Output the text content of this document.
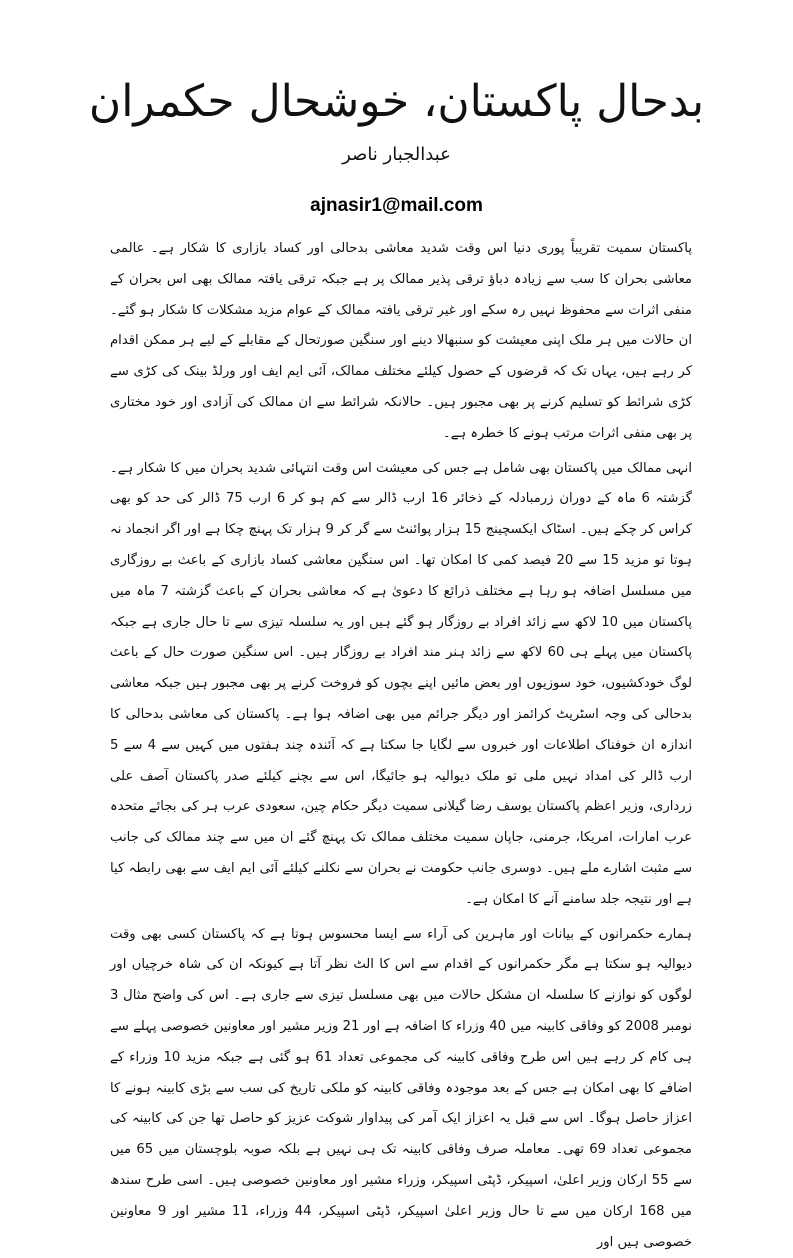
بدحال پاکستان، خوشحال حکمران
عبدالجبار ناصر
ajnasir1@mail.com

پاکستان سمیت تقریباً پوری دنیا اس وقت شدید معاشی بدحالی اور کساد بازاری کا شکار ہے۔ عالمی معاشی بحران کا سب سے زیادہ دباؤ ترقی پذیر ممالک پر ہے جبکہ ترقی یافتہ ممالک بھی اس بحران کے منفی اثرات سے محفوظ نہیں رہ سکے اور غیر ترقی یافتہ ممالک کے عوام مزید مشکلات کا شکار ہو گئے۔ ان حالات میں ہر ملک اپنی معیشت کو سنبھالا دینے اور سنگین صورتحال کے مقابلے کے لیے ہر ممکن اقدام کر رہے ہیں، یہاں تک کہ قرضوں کے حصول کیلئے مختلف ممالک، آئی ایم ایف اور ورلڈ بینک کی کڑی سے کڑی شرائط کو تسلیم کرنے پر بھی مجبور ہیں۔ حالانکہ شرائط سے ان ممالک کی آزادی اور خود مختاری پر بھی منفی اثرات مرتب ہونے کا خطرہ ہے۔

انہی ممالک میں پاکستان بھی شامل ہے جس کی معیشت اس وقت انتہائی شدید بحران میں کا شکار ہے۔ گزشتہ 6 ماہ کے دوران زرمبادلہ کے ذخائر 16 ارب ڈالر سے کم ہو کر 6 ارب 75 ڈالر کی حد کو بھی کراس کر چکے ہیں۔ اسٹاک ایکسچینج 15 ہزار پوائنٹ سے گر کر 9 ہزار تک پہنچ چکا ہے اور اگر انجماد نہ ہوتا تو مزید 15 سے 20 فیصد کمی کا امکان تھا۔ اس سنگین معاشی کساد بازاری کے باعث بے روزگاری میں مسلسل اضافہ ہو رہا ہے مختلف ذرائع کا دعویٰ ہے کہ معاشی بحران کے باعث گزشتہ 7 ماہ میں پاکستان میں 10 لاکھ سے زائد افراد بے روزگار ہو گئے ہیں اور یہ سلسلہ تیزی سے تا حال جاری ہے جبکہ پاکستان میں پہلے ہی 60 لاکھ سے زائد ہنر مند افراد بے روزگار ہیں۔ اس سنگین صورت حال کے باعث لوگ خودکشیوں، خود سوزیوں اور بعض مائیں اپنے بچوں کو فروخت کرنے پر بھی مجبور ہیں جبکہ معاشی بدحالی کی وجہ اسٹریٹ کرائمز اور دیگر جرائم میں بھی اضافہ ہوا ہے۔ پاکستان کی معاشی بدحالی کا اندازہ ان خوفناک اطلاعات اور خبروں سے لگایا جا سکتا ہے کہ آئندہ چند ہفتوں میں کہیں سے 4 سے 5 ارب ڈالر کی امداد نہیں ملی تو ملک دیوالیہ ہو جائیگا، اس سے بچنے کیلئے صدر پاکستان آصف علی زرداری، وزیر اعظم پاکستان یوسف رضا گیلانی سمیت دیگر حکام چین، سعودی عرب ہر کی بجائے متحدہ عرب امارات، امریکا، جرمنی، جاپان سمیت مختلف ممالک تک پہنچ گئے ان میں سے چند ممالک کی جانب سے مثبت اشارے ملے ہیں۔ دوسری جانب حکومت نے بحران سے نکلنے کیلئے آئی ایم ایف سے بھی رابطہ کیا ہے اور نتیجہ جلد سامنے آنے کا امکان ہے۔

ہمارے حکمرانوں کے بیانات اور ماہرین کی آراء سے ایسا محسوس ہوتا ہے کہ پاکستان کسی بھی وقت دیوالیہ ہو سکتا ہے مگر حکمرانوں کے اقدام سے اس کا الٹ نظر آتا ہے کیونکہ ان کی شاہ خرچیاں اور لوگوں کو نوازنے کا سلسلہ ان مشکل حالات میں بھی مسلسل تیزی سے جاری ہے۔ اس کی واضح مثال 3 نومبر 2008 کو وفاقی کابینہ میں 40 وزراء کا اضافہ ہے اور 21 وزیر مشیر اور معاونین خصوصی پہلے سے ہی کام کر رہے ہیں اس طرح وفاقی کابینہ کی مجموعی تعداد 61 ہو گئی ہے جبکہ مزید 10 وزراء کے اضافے کا بھی امکان ہے جس کے بعد موجودہ وفاقی کابینہ کو ملکی تاریخ کی سب سے بڑی کابینہ ہونے کا اعزاز حاصل ہوگا۔ اس سے قبل یہ اعزاز ایک آمر کی پیداوار شوکت عزیز کو حاصل تھا جن کی کابینہ کی مجموعی تعداد 69 تھی۔ معاملہ صرف وفاقی کابینہ تک ہی نہیں ہے بلکہ صوبہ بلوچستان میں 65 میں سے 55 ارکان وزیر اعلیٰ، اسپیکر، ڈپٹی اسپیکر، وزراء مشیر اور معاونین خصوصی ہیں۔ اسی طرح سندھ میں 168 ارکان میں سے تا حال وزیر اعلیٰ اسپیکر، ڈپٹی اسپیکر، 44 وزراء، 11 مشیر اور 9 معاونین خصوصی ہیں اور
